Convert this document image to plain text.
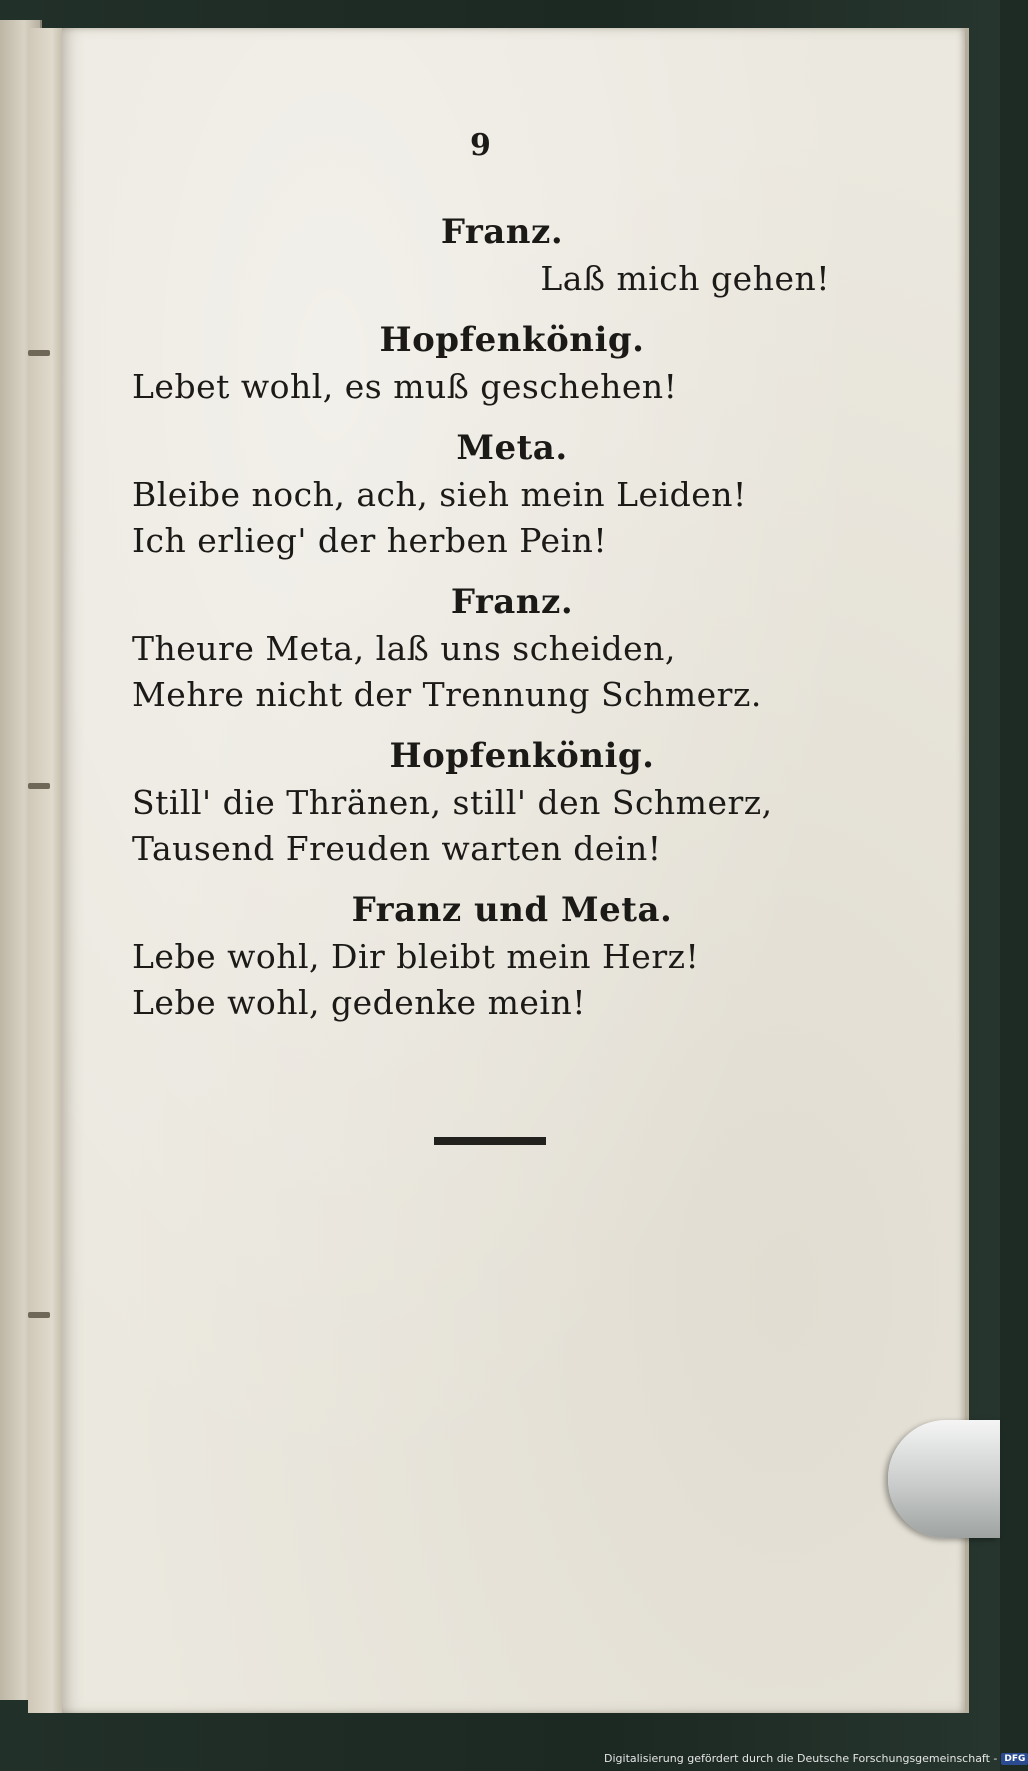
9

Franz.

Laß mich gehen!

Hopfenkönig.

Lebet wohl, es muß geschehen!

Meta.

Bleibe noch, ach, sieh mein Leiden!

Ich erlieg' der herben Pein!

Franz.

Theure Meta, laß uns scheiden,

Mehre nicht der Trennung Schmerz.

Hopfenkönig.

Still' die Thränen, still' den Schmerz,

Tausend Freuden warten dein!

Franz und Meta.

Lebe wohl, Dir bleibt mein Herz!

Lebe wohl, gedenke mein!

Digitalisierung gefördert durch die Deutsche Forschungsgemeinschaft - DFG
